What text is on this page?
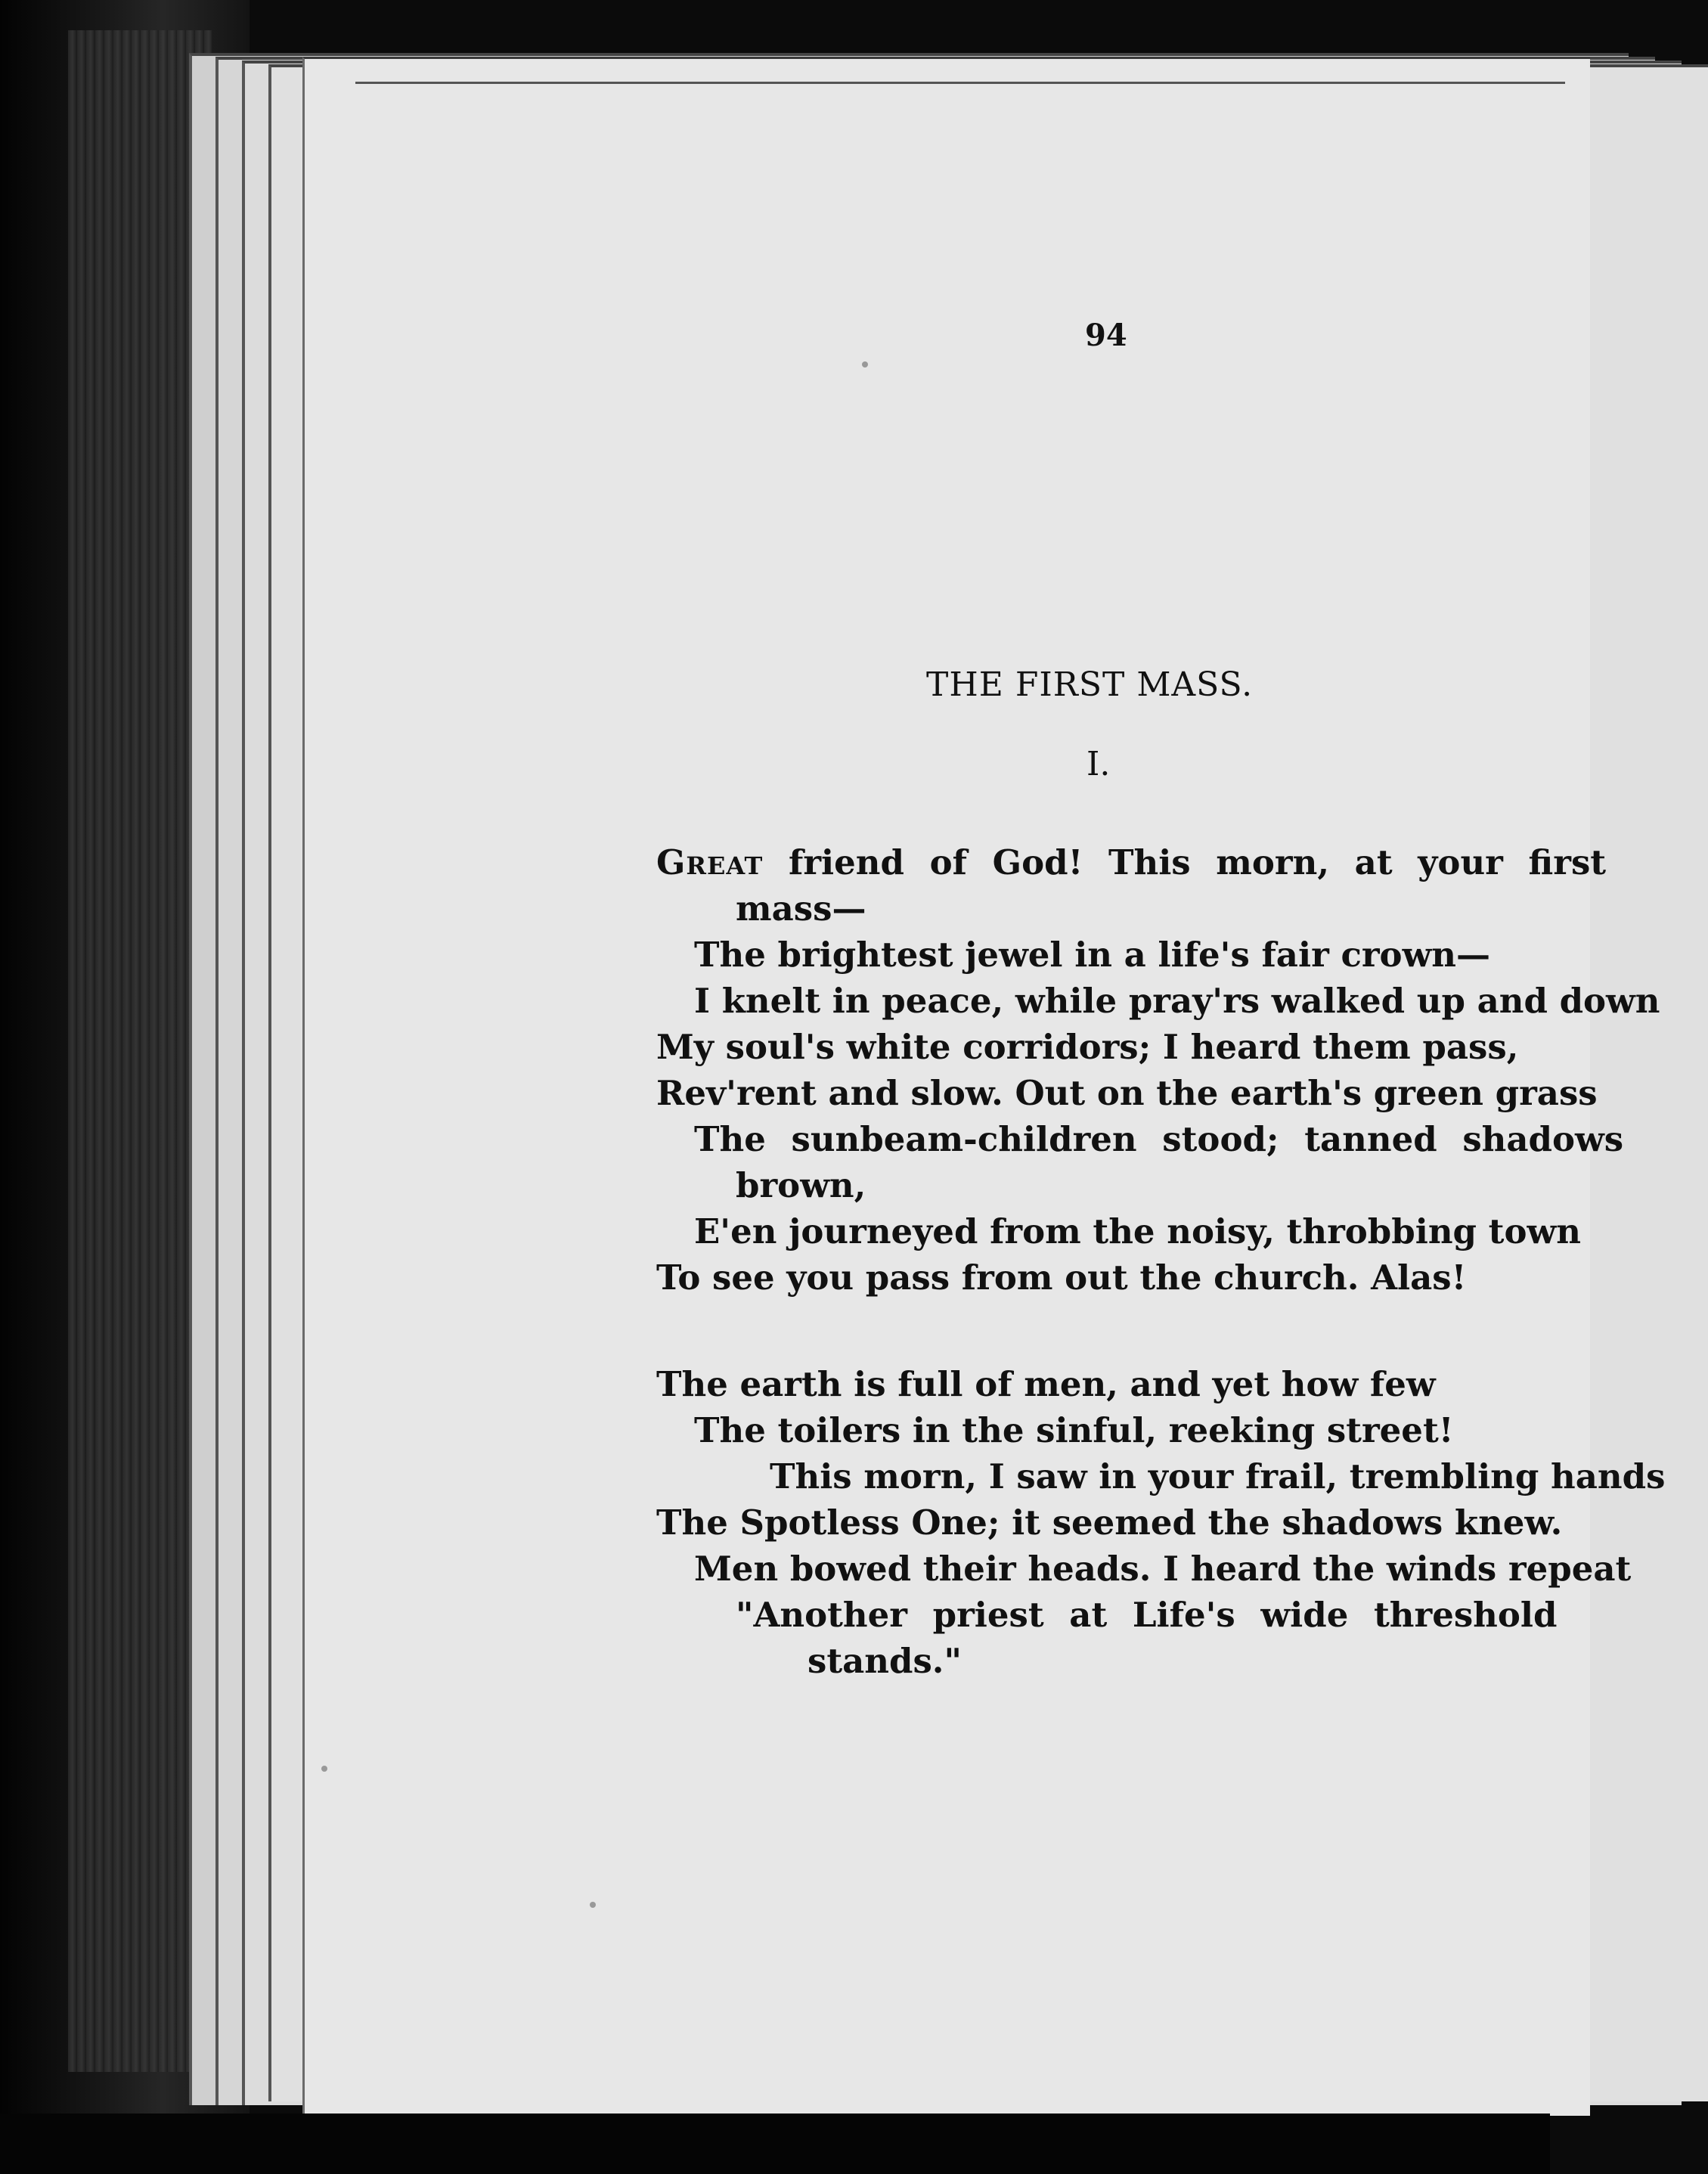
94
THE FIRST MASS.
I.
Great friend of God! This morn, at your first
mass—
The brightest jewel in a life's fair crown—
I knelt in peace, while pray'rs walked up and down
My soul's white corridors; I heard them pass,
Rev'rent and slow. Out on the earth's green grass
The sunbeam-children stood; tanned shadows
brown,
E'en journeyed from the noisy, throbbing town
To see you pass from out the church. Alas!
The earth is full of men, and yet how few
The toilers in the sinful, reeking street!
This morn, I saw in your frail, trembling hands
The Spotless One; it seemed the shadows knew.
Men bowed their heads. I heard the winds repeat
"Another priest at Life's wide threshold
stands."
